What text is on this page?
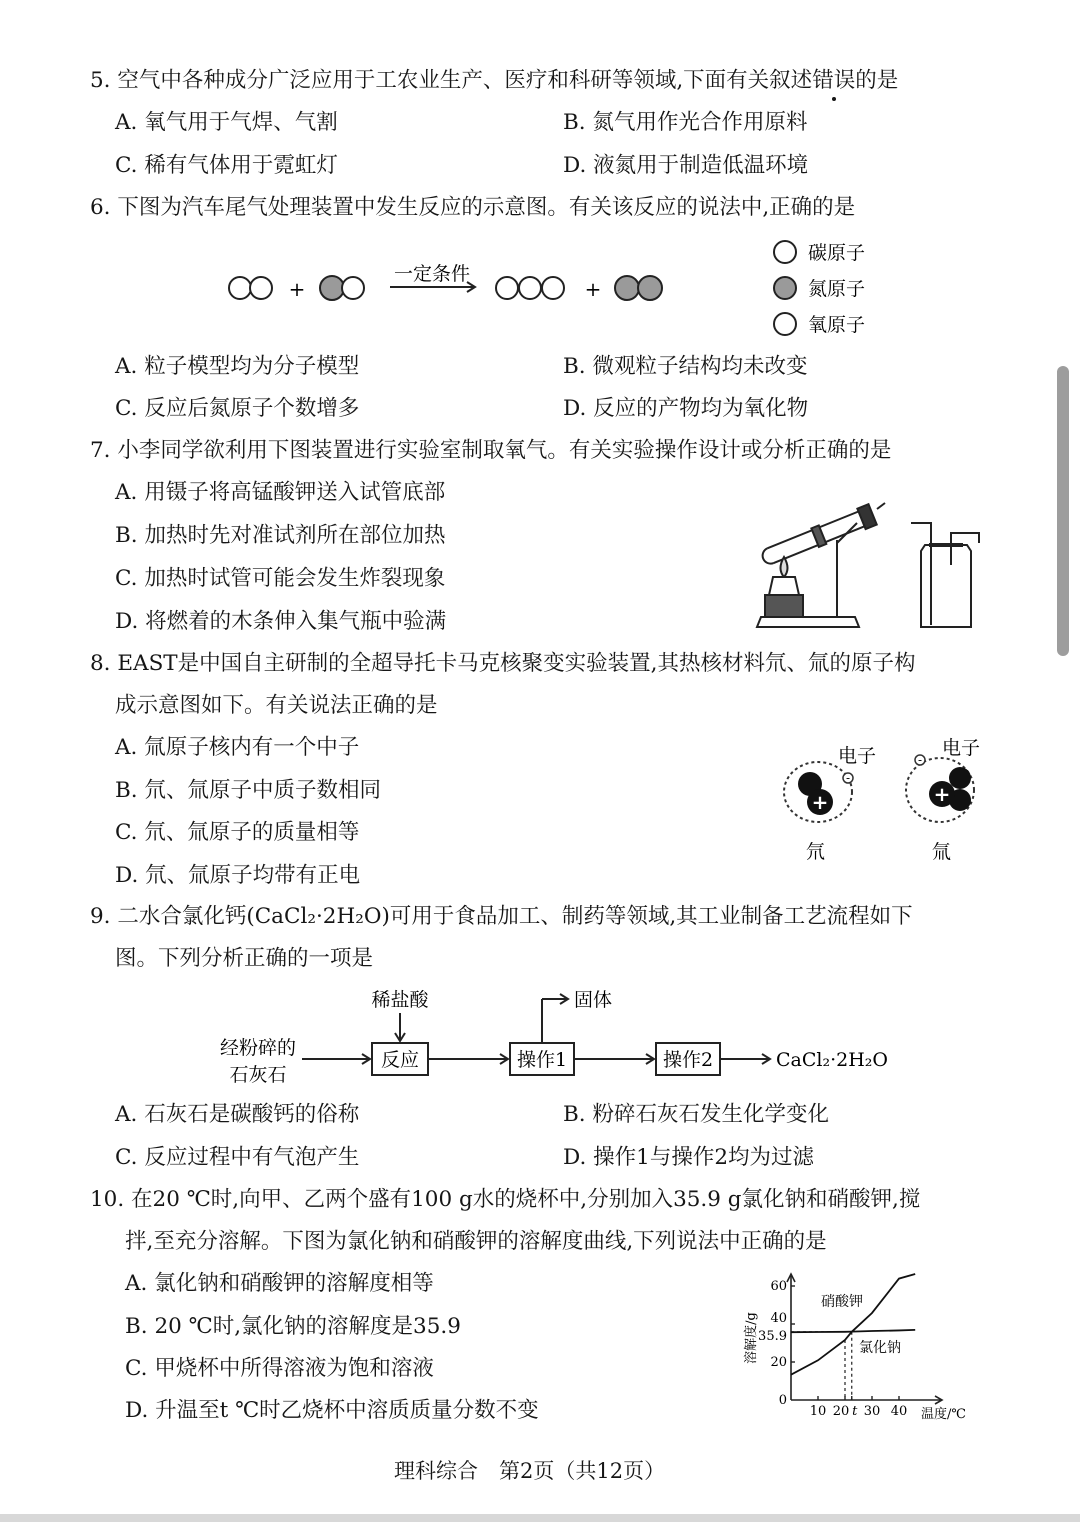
5. 空气中各种成分广泛应用于工农业生产、医疗和科研等领域,下面有关叙述错误的是
A. 氧气用于气焊、气割	B. 氮气用作光合作用原料
C. 稀有气体用于霓虹灯	D. 液氮用于制造低温环境
6. 下图为汽车尾气处理装置中发生反应的示意图。有关该反应的说法中,正确的是
+	+
一定条件
碳原子
氮原子
氧原子
A. 粒子模型均为分子模型	B. 微观粒子结构均未改变
C. 反应后氮原子个数增多	D. 反应的产物均为氧化物
7. 小李同学欲利用下图装置进行实验室制取氧气。有关实验操作设计或分析正确的是
A. 用镊子将高锰酸钾送入试管底部
B. 加热时先对准试剂所在部位加热
C. 加热时试管可能会发生炸裂现象
D. 将燃着的木条伸入集气瓶中验满
8. EAST是中国自主研制的全超导托卡马克核聚变实验装置,其热核材料氘、氚的原子构
成示意图如下。有关说法正确的是
A. 氚原子核内有一个中子
B. 氘、氚原子中质子数相同
C. 氘、氚原子的质量相等
D. 氘、氚原子均带有正电
+
-
电子
氘
+
-
电子
氚
9. 二水合氯化钙(CaCl₂·2H₂O)可用于食品加工、制药等领域,其工业制备工艺流程如下
图。下列分析正确的一项是
稀盐酸	固体
经粉碎的
石灰石
反应	操作1	操作2	CaCl₂·2H₂O
A. 石灰石是碳酸钙的俗称	B. 粉碎石灰石发生化学变化
C. 反应过程中有气泡产生	D. 操作1与操作2均为过滤
10. 在20 ℃时,向甲、乙两个盛有100 g水的烧杯中,分别加入35.9 g氯化钠和硝酸钾,搅
拌,至充分溶解。下图为氯化钠和硝酸钾的溶解度曲线,下列说法中正确的是
A. 氯化钠和硝酸钾的溶解度相等
B. 20 ℃时,氯化钠的溶解度是35.9
C. 甲烧杯中所得溶液为饱和溶液
D. 升温至t ℃时乙烧杯中溶质质量分数不变	10 20 t 30 40
0
20
35.9
40
60
溶解度/g
温度/℃
硝酸钾
氯化钠
理科综合　第2页（共12页）
